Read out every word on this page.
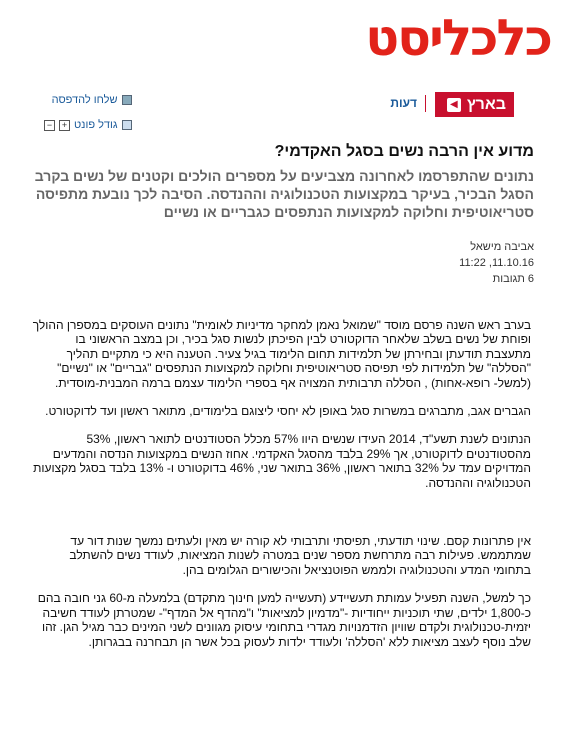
כלכליסט
בארץ
◀
דעות
שלחו להדפסה
גודל פונט
+
−
מדוע אין הרבה נשים בסגל האקדמי?

נתונים שהתפרסמו לאחרונה מצביעים על מספרים הולכים וקטנים של נשים בקרב הסגל הבכיר, בעיקר במקצועות הטכנולוגיה וההנדסה. הסיבה לכך נובעת מתפיסה סטריאוטיפית וחלוקה למקצועות הנתפסים כגבריים או נשיים

אביבה מישאל
11.10.16, 11:22
6 תגובות

בערב ראש השנה פרסם מוסד "שמואל נאמן למחקר מדיניות לאומית" נתונים העוסקים במספרן ההולך ופוחת של נשים בשלב שלאחר הדוקטורט לבין הפיכתן לנשות סגל בכיר, וכן במצב הראשוני בו מתעצבת תודעתן ובחירתן של תלמידות תחום הלימוד בגיל צעיר. הטענה היא כי מתקיים תהליך "הסללה" של תלמידות לפי תפיסה סטריאוטיפית וחלוקה למקצועות הנתפסים "גבריים" או "נשיים" (למשל- רופא-אחות) , הסללה תרבותית המצויה אף בספרי הלימוד עצמם ברמה המבנית-מוסדית.

הגברים אגב, מתברגים במשרות סגל באופן לא יחסי ליצוגם בלימודים, מתואר ראשון ועד לדוקטורט.

הנתונים לשנת תשע"ד, 2014 העידו שנשים היוו 57% מכלל הסטודנטים לתואר ראשון, 53% מהסטודנטים לדוקטורט, אך 29% בלבד מהסגל האקדמי. אחוז הנשים במקצועות הנדסה והמדעים המדויקים עמד על 32% בתואר ראשון, 36% בתואר שני, 46% בדוקטורט ו- 13% בלבד בסגל מקצועות הטכנולוגיה וההנדסה.

אין פתרונות קסם. שינוי תודעתי, תפיסתי ותרבותי לא קורה יש מאין ולעתים נמשך שנות דור עד שמתממש. פעילות רבה מתרחשת מספר שנים במטרה לשנות המציאות, לעודד נשים להשתלב בתחומי המדע והטכנולוגיה ולממש הפוטנציאל והכישורים הגלומים בהן.

כך למשל, השנה תפעיל עמותת תעשיידע (תעשייה למען חינוך מתקדם) בלמעלה מ-60 גני חובה בהם כ-1,800 ילדים, שתי תוכניות ייחודיות -"מדמיון למציאות" ו"מהדף אל המדף"- שמטרתן לעודד חשיבה יזמית-טכנולוגית ולקדם שוויון הזדמנויות מגדרי בתחומי עיסוק מגוונים לשני המינים כבר מגיל הגן. זהו שלב נוסף לעצב מציאות ללא 'הסללה' ולעודד ילדות לעסוק בכל אשר הן תבחרנה בבגרותן.
